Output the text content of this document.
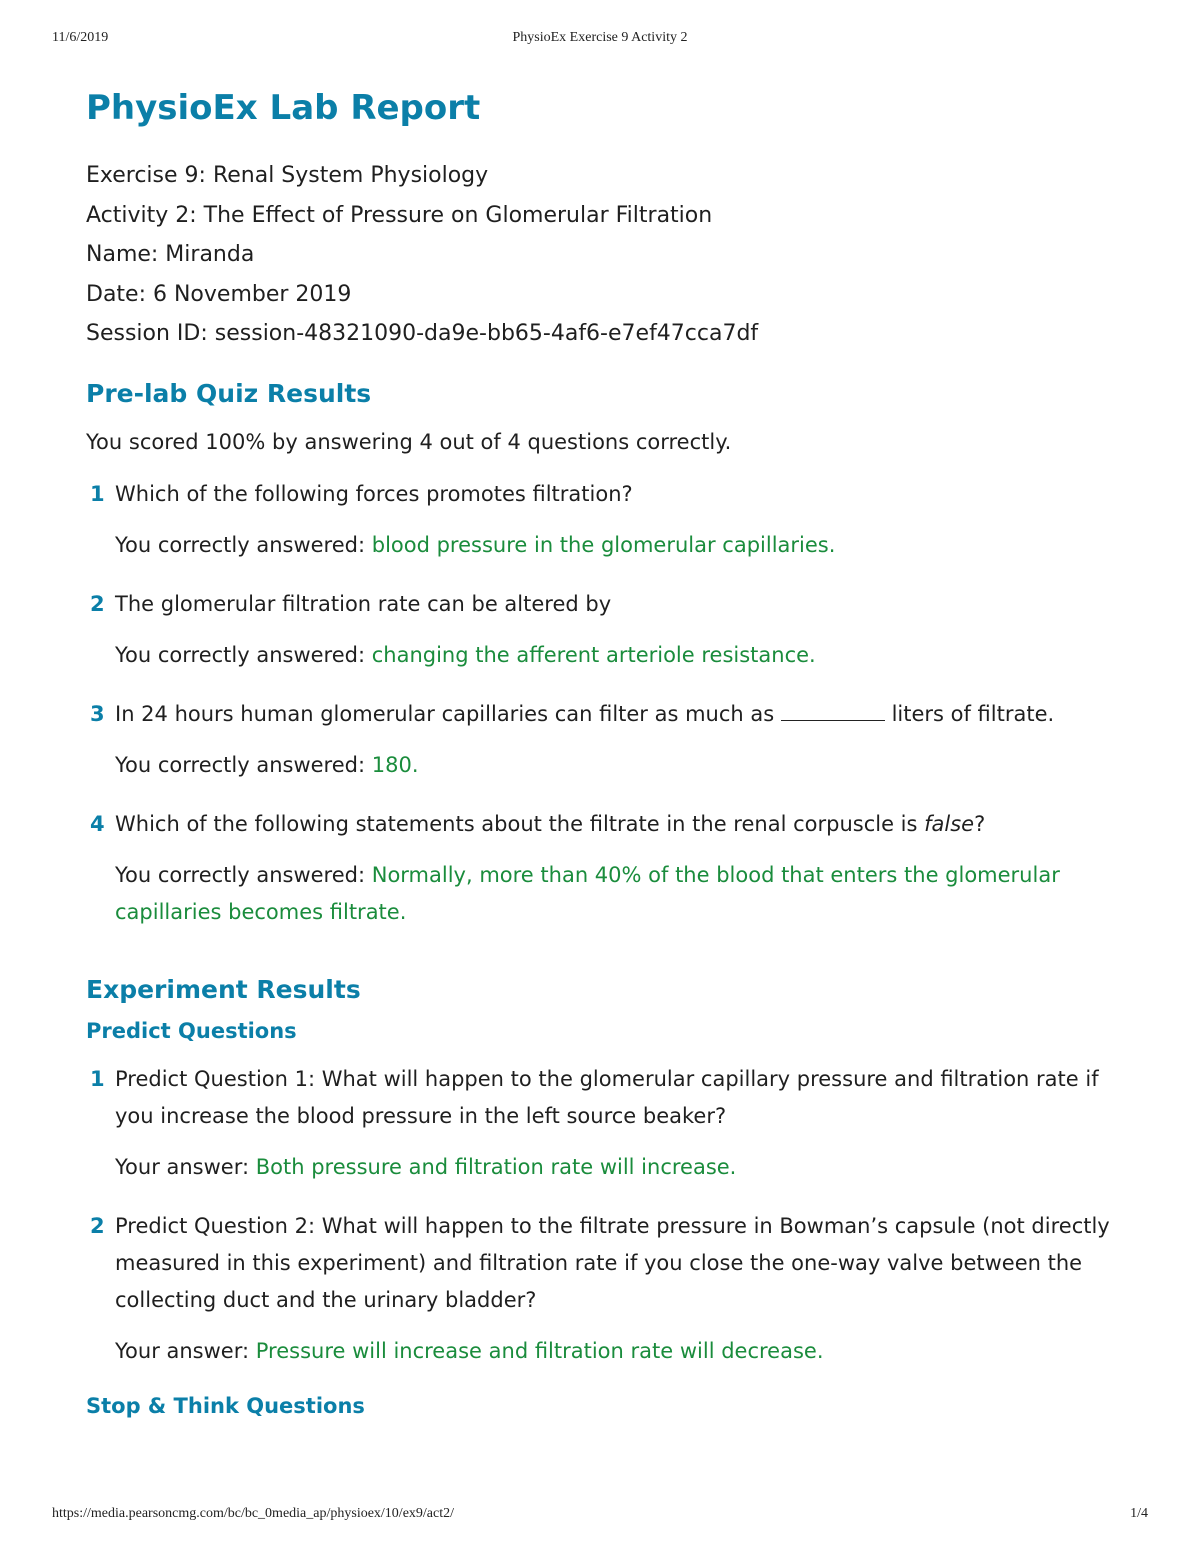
11/6/2019	PhysioEx Exercise 9 Activity 2
PhysioEx Lab Report
Exercise 9: Renal System Physiology
Activity 2: The Effect of Pressure on Glomerular Filtration
Name: Miranda
Date: 6 November 2019
Session ID: session-48321090-da9e-bb65-4af6-e7ef47cca7df
Pre-lab Quiz Results
You scored 100% by answering 4 out of 4 questions correctly.
1 Which of the following forces promotes filtration?
You correctly answered: blood pressure in the glomerular capillaries.
2 The glomerular filtration rate can be altered by
You correctly answered: changing the afferent arteriole resistance.
3 In 24 hours human glomerular capillaries can filter as much as	liters of filtrate.
You correctly answered: 180.
4 Which of the following statements about the filtrate in the renal corpuscle is false?
You correctly answered: Normally, more than 40% of the blood that enters the glomerular capillaries becomes filtrate.
Experiment Results
Predict Questions
1 Predict Question 1: What will happen to the glomerular capillary pressure and filtration rate if you increase the blood pressure in the left source beaker?
Your answer: Both pressure and filtration rate will increase.
2 Predict Question 2: What will happen to the filtrate pressure in Bowman’s capsule (not directly measured in this experiment) and filtration rate if you close the one-way valve between the collecting duct and the urinary bladder?
Your answer: Pressure will increase and filtration rate will decrease.
Stop & Think Questions
https://media.pearsoncmg.com/bc/bc_0media_ap/physioex/10/ex9/act2/	1/4
